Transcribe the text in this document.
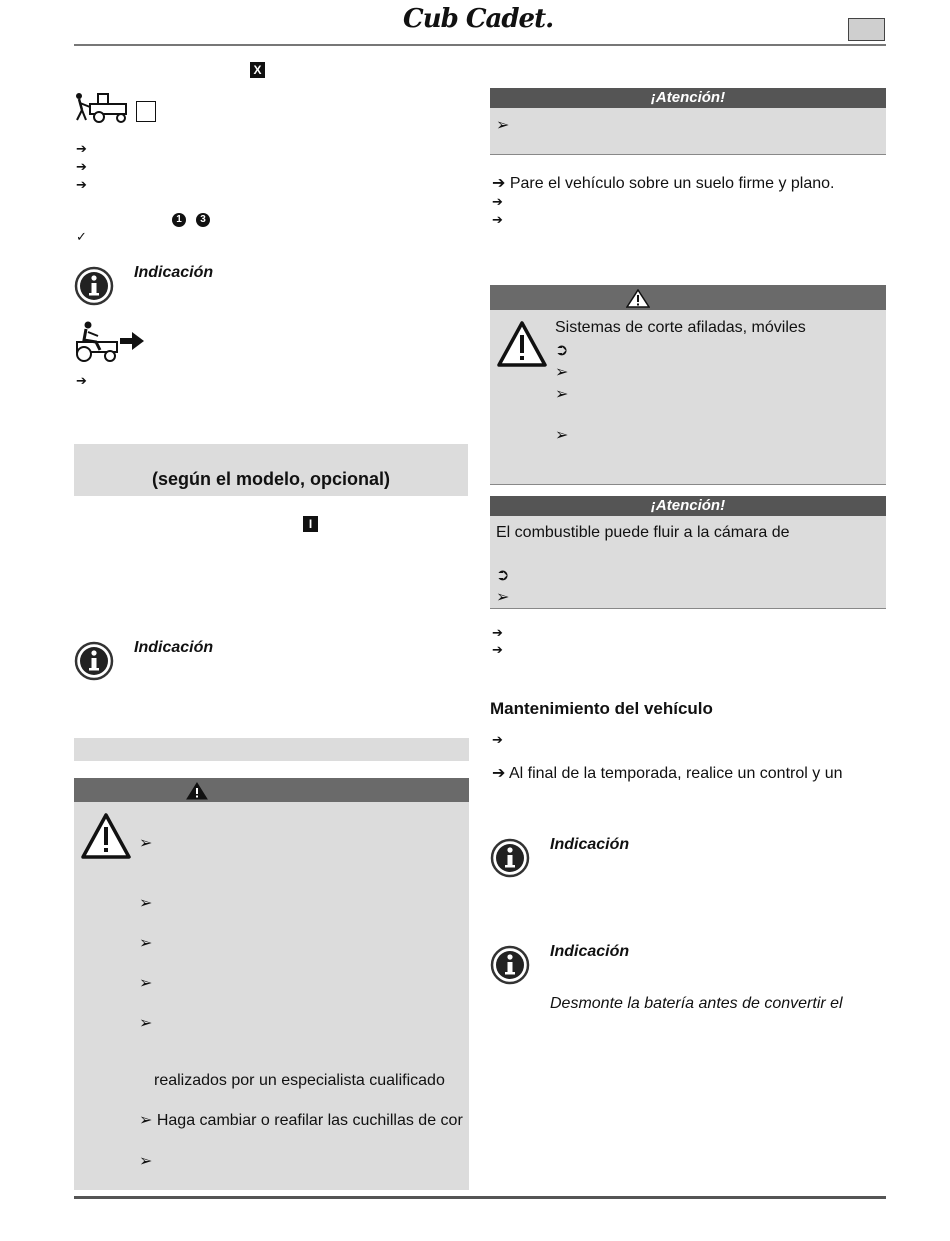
Cub Cadet.
X
➔
➔
➔
1	3
✓
Indicación
➔
(según el modelo, opcional)
I
Indicación
➢
➢
➢
➢
➢
realizados por un especialista cualificado
➢ Haga cambiar o reafilar las cuchillas de cor
➢
¡Atención!
➢
➔ Pare el vehículo sobre un suelo firme y plano.
➔
➔
Sistemas de corte afiladas, móviles
➲
➢
➢
➢
¡Atención!
El combustible puede fluir a la cámara de
➲
➢
➔
➔
Mantenimiento del vehículo
➔
➔ Al final de la temporada, realice un control y un
Indicación
Indicación
Desmonte la batería antes de convertir el
